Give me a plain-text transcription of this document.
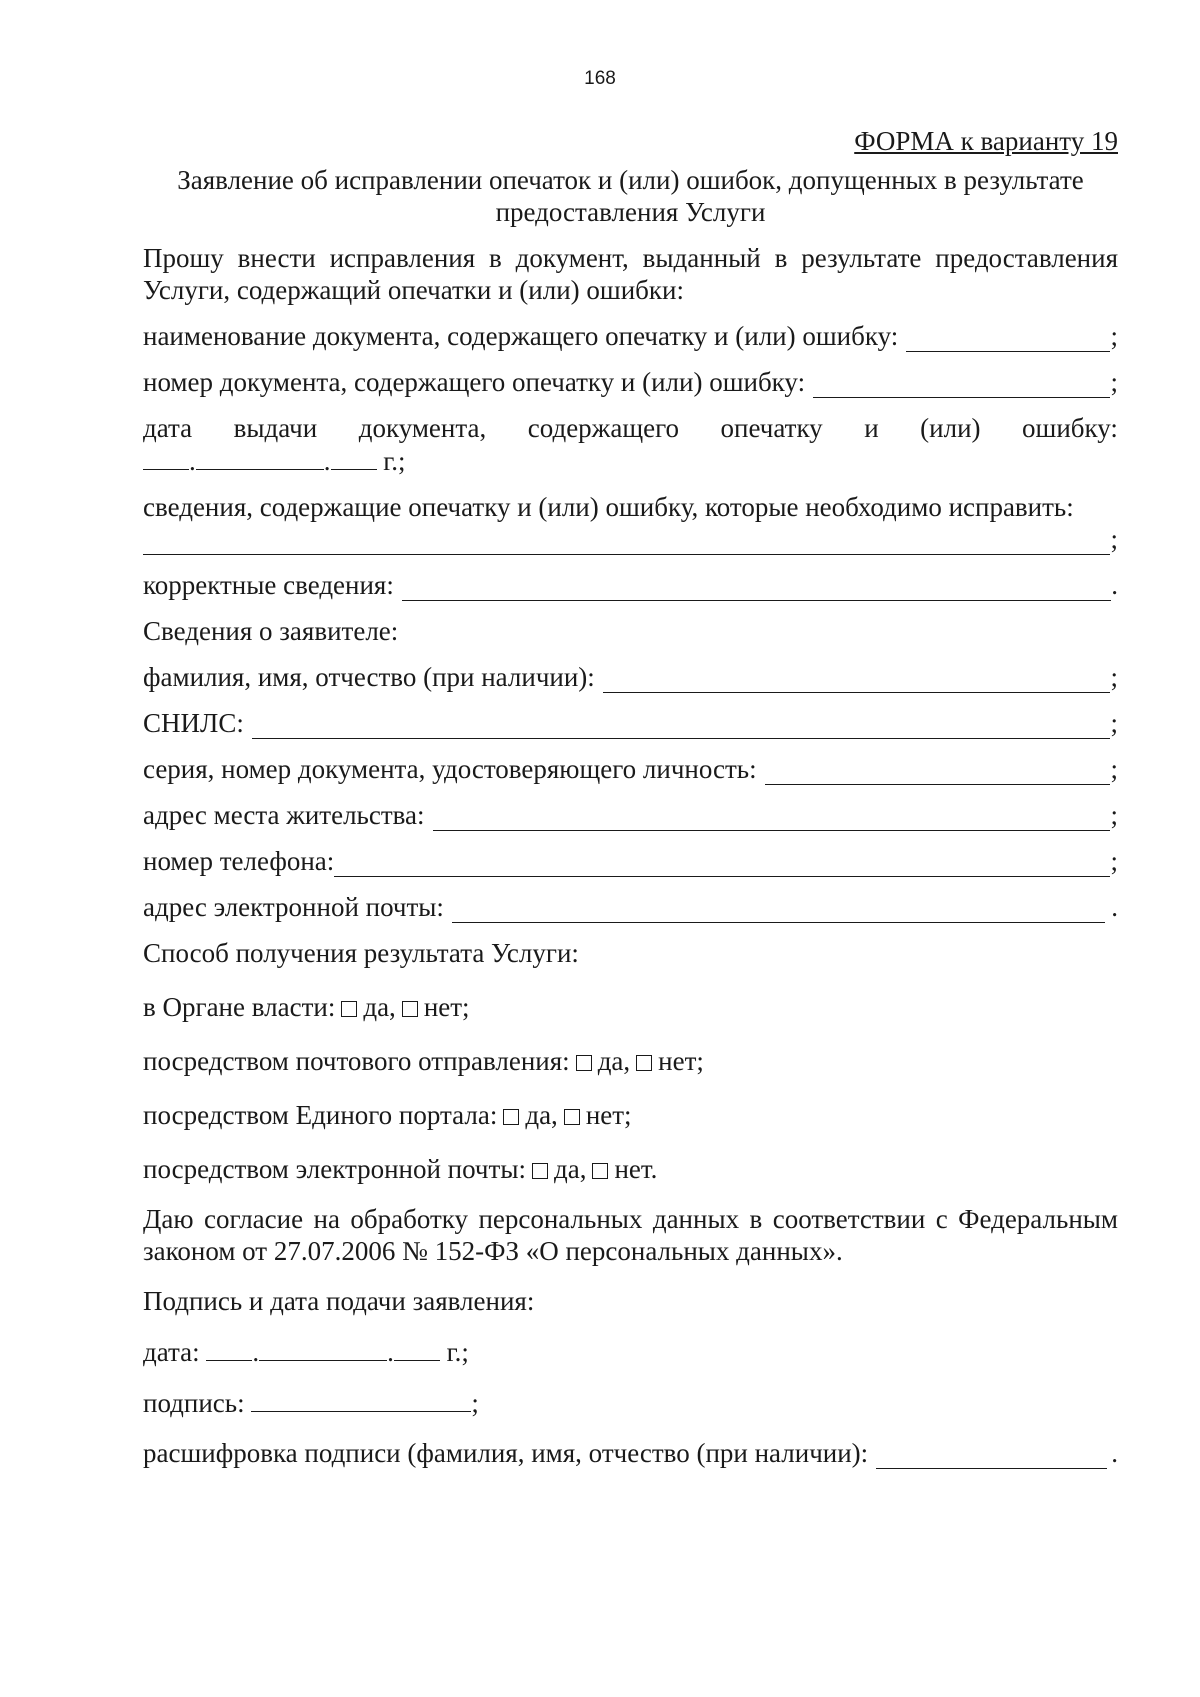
168
ФОРМА к варианту 19
Заявление об исправлении опечаток и (или) ошибок, допущенных в результате
предоставления Услуги

Прошу внести исправления в документ, выданный в результате предоставления Услуги, содержащий опечатки и (или) ошибки:

наименование документа, содержащего опечатку и (или) ошибку:	;
номер документа, содержащего опечатку и (или) ошибку:	;
дата выдачи документа, содержащего опечатку и (или) ошибку:
.	. г.;
сведения, содержащие опечатку и (или) ошибку, которые необходимо исправить:
;
корректные сведения:	.
Сведения о заявителе:
фамилия, имя, отчество (при наличии):	;
СНИЛС:	;
серия, номер документа, удостоверяющего личность:	;
адрес места жительства:	;
номер телефона:	;
адрес электронной почты:	.
Способ получения результата Услуги:
в Органе власти: да, нет;
посредством почтового отправления: да, нет;
посредством Единого портала: да, нет;
посредством электронной почты: да, нет.

Даю согласие на обработку персональных данных в соответствии с Федеральным законом от 27.07.2006 № 152-ФЗ «О персональных данных».

Подпись и дата подачи заявления:
дата: .	. г.;
подпись:	;
расшифровка подписи (фамилия, имя, отчество (при наличии):	.
